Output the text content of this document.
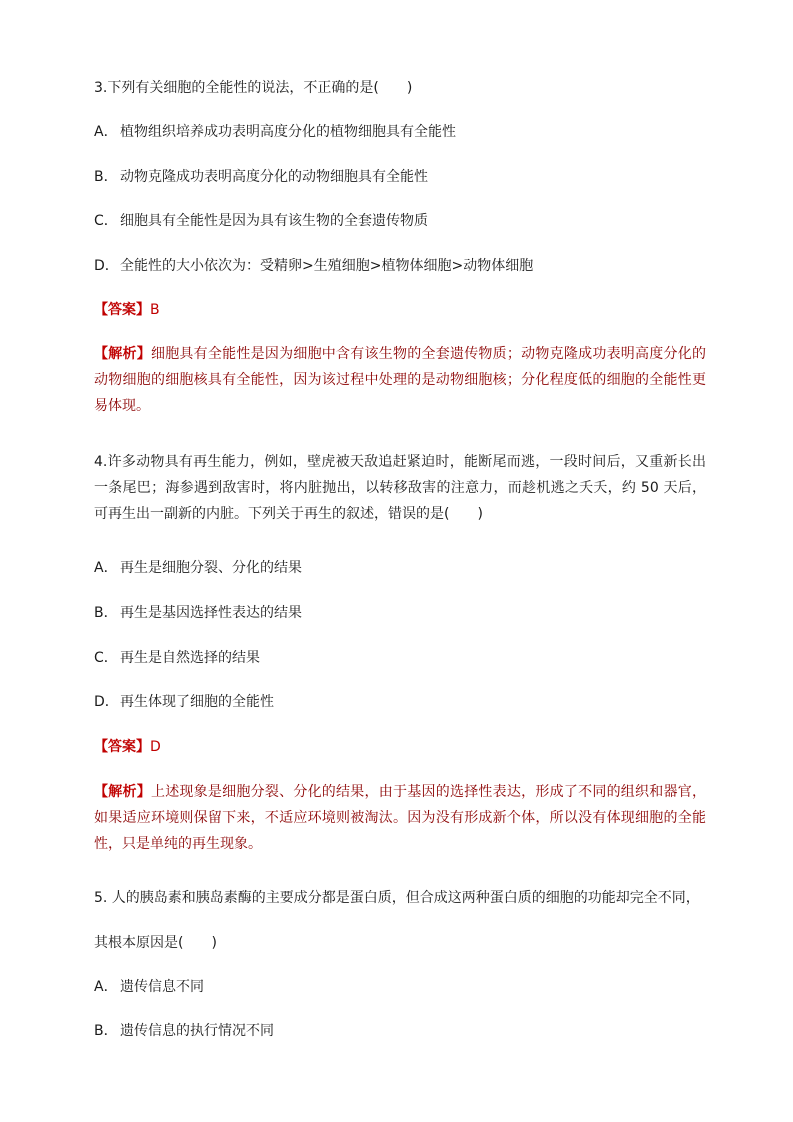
3.下列有关细胞的全能性的说法，不正确的是(　　)
A． 植物组织培养成功表明高度分化的植物细胞具有全能性
B． 动物克隆成功表明高度分化的动物细胞具有全能性
C． 细胞具有全能性是因为具有该生物的全套遗传物质
D．全能性的大小依次为：受精卵>生殖细胞>植物体细胞>动物体细胞
【答案】B
【解析】细胞具有全能性是因为细胞中含有该生物的全套遗传物质；动物克隆成功表明高度分化的动物细胞的细胞核具有全能性，因为该过程中处理的是动物细胞核；分化程度低的细胞的全能性更易体现。
4.许多动物具有再生能力，例如，壁虎被天敌追赶紧迫时，能断尾而逃，一段时间后，又重新长出一条尾巴；海参遇到敌害时，将内脏抛出，以转移敌害的注意力，而趁机逃之夭夭，约 50 天后，可再生出一副新的内脏。下列关于再生的叙述，错误的是(　　)
A． 再生是细胞分裂、分化的结果
B． 再生是基因选择性表达的结果
C． 再生是自然选择的结果
D．再生体现了细胞的全能性
【答案】D
【解析】上述现象是细胞分裂、分化的结果，由于基因的选择性表达，形成了不同的组织和器官，如果适应环境则保留下来，不适应环境则被淘汰。因为没有形成新个体，所以没有体现细胞的全能性，只是单纯的再生现象。
5. 人的胰岛素和胰岛素酶的主要成分都是蛋白质，但合成这两种蛋白质的细胞的功能却完全不同，
其根本原因是(　　)
A． 遗传信息不同
B． 遗传信息的执行情况不同
